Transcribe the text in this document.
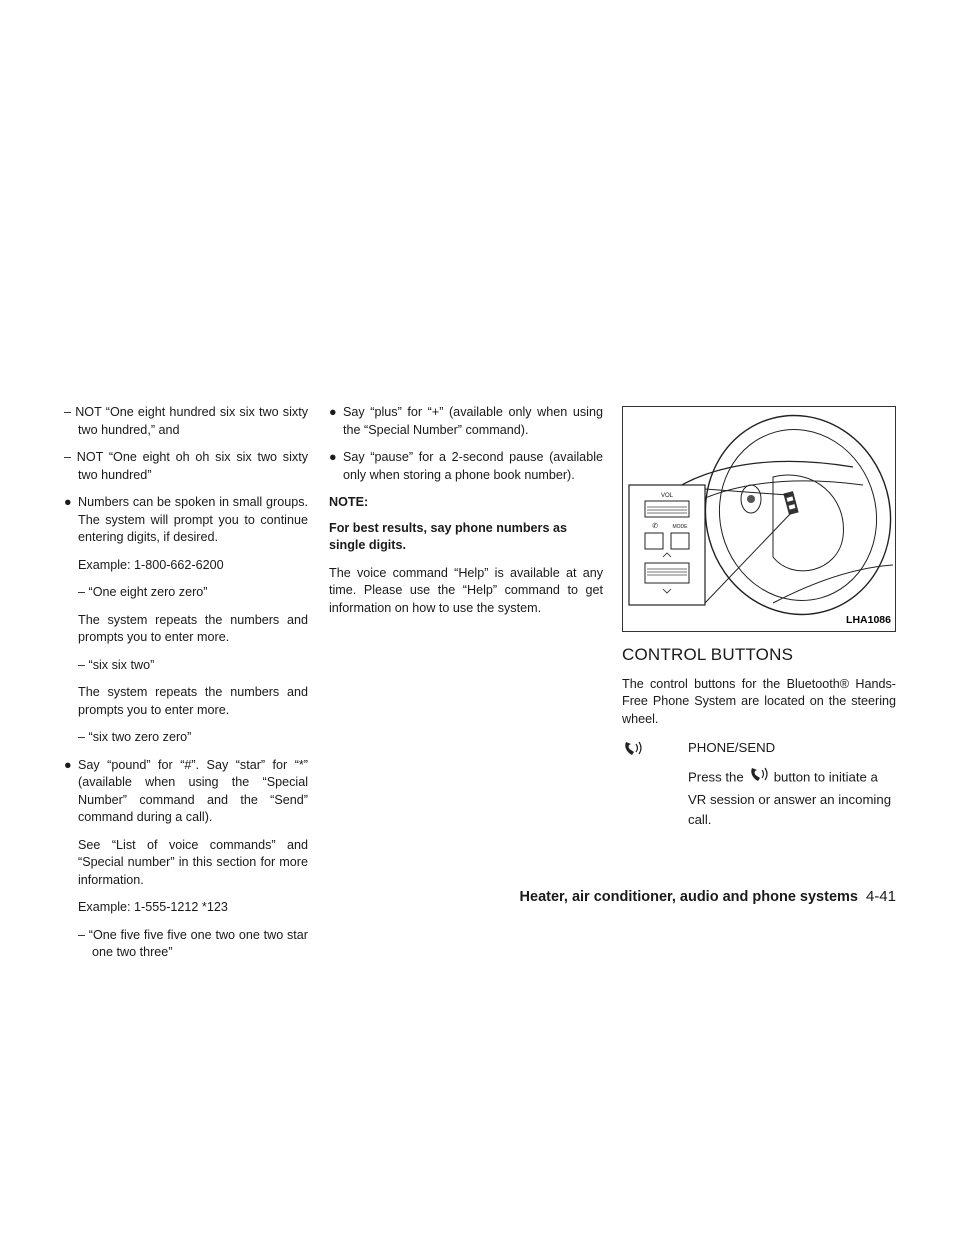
– NOT “One eight hundred six six two sixty two hundred,” and
– NOT “One eight oh oh six six two sixty two hundred”
● Numbers can be spoken in small groups. The system will prompt you to continue entering digits, if desired.
Example: 1-800-662-6200
– “One eight zero zero”
The system repeats the numbers and prompts you to enter more.
– “six six two”
The system repeats the numbers and prompts you to enter more.
– “six two zero zero”
● Say “pound” for “#”. Say “star” for “*” (available when using the “Special Number” command and the “Send” command during a call).
See “List of voice commands” and “Special number” in this section for more information.
Example: 1-555-1212 *123
– “One five five five one two one two star one two three”
● Say “plus” for “+” (available only when using the “Special Number” command).
● Say “pause” for a 2-second pause (available only when storing a phone book number).
NOTE:
For best results, say phone numbers as single digits.
The voice command “Help” is available at any time. Please use the “Help” command to get information on how to use the system.
VOL
✆	MODE
LHA1086
CONTROL BUTTONS
The control buttons for the Bluetooth® Hands-Free Phone System are located on the steering wheel.
PHONE/SEND
Press the button to initiate a VR session or answer an incoming call.
Heater, air conditioner, audio and phone systems 4-41
